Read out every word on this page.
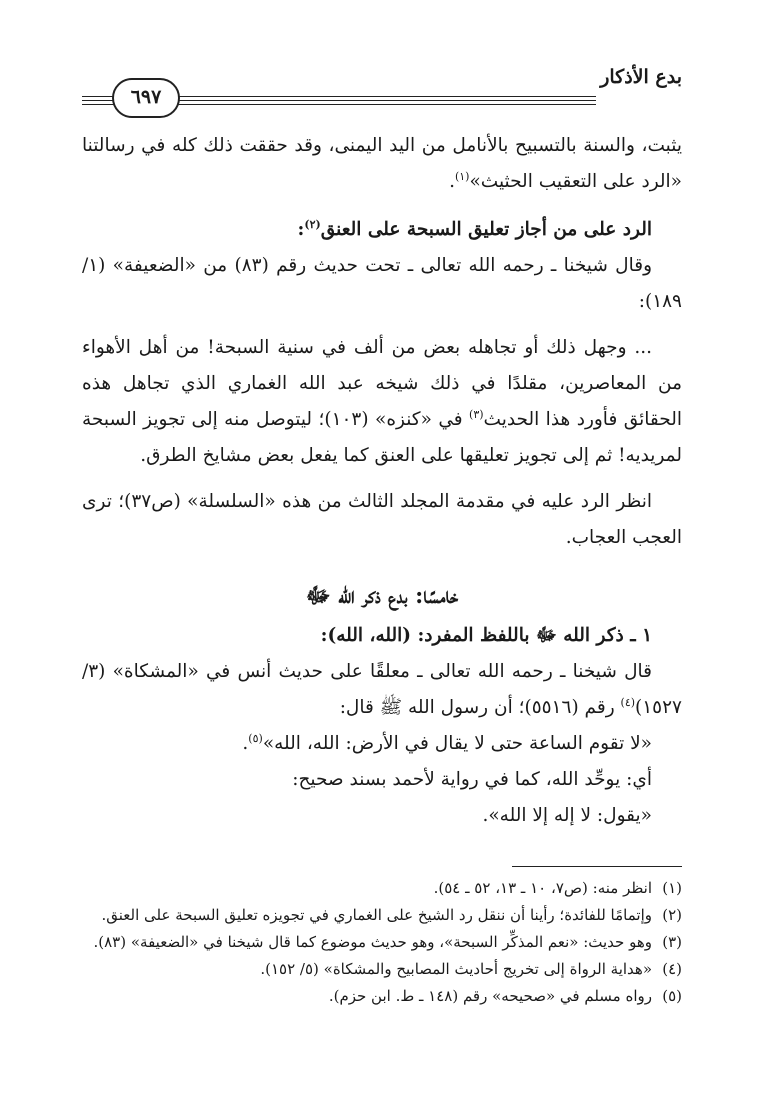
بدع الأذكار
٦٩٧

يثبت، والسنة بالتسبيح بالأنامل من اليد اليمنى، وقد حققت ذلك كله في رسالتنا «الرد على التعقيب الحثيث»$^{(١)}$.

الرد على من أجاز تعليق السبحة على العنق$^{(٢)}$:

وقال شيخنا ـ رحمه الله تعالى ـ تحت حديث رقم (٨٣) من «الضعيفة» (١/ ١٨٩):

... وجهل ذلك أو تجاهله بعض من ألف في سنية السبحة! من أهل الأهواء من المعاصرين، مقلدًا في ذلك شيخه عبد الله الغماري الذي تجاهل هذه الحقائق فأورد هذا الحديث$^{(٣)}$ في «كنزه» (١٠٣)؛ ليتوصل منه إلى تجويز السبحة لمريديه! ثم إلى تجويز تعليقها على العنق كما يفعل بعض مشايخ الطرق.

انظر الرد عليه في مقدمة المجلد الثالث من هذه «السلسلة» (ص٣٧)؛ ترى العجب العجاب.

خامسًا: بدع ذكر الله ﷻ

١ ـ ذكر الله ﷻ باللفظ المفرد: (الله، الله):

قال شيخنا ـ رحمه الله تعالى ـ معلقًا على حديث أنس في «المشكاة» (٣/ ١٥٢٧)$^{(٤)}$ رقم (٥٥١٦)؛ أن رسول الله ﷺ قال:

«لا تقوم الساعة حتى لا يقال في الأرض: الله، الله»$^{(٥)}$.

أي: يوحِّد الله، كما في رواية لأحمد بسند صحيح:

«يقول: لا إله إلا الله».

(١)
انظر منه: (ص٧، ١٠ ـ ١٣، ٥٢ ـ ٥٤).
(٢)
وإتمامًا للفائدة؛ رأينا أن ننقل رد الشيخ على الغماري في تجويزه تعليق السبحة على العنق.
(٣)
وهو حديث: «نعم المذكِّر السبحة»، وهو حديث موضوع كما قال شيخنا في «الضعيفة» (٨٣).
(٤)
«هداية الرواة إلى تخريج أحاديث المصابيح والمشكاة» (٥/ ١٥٢).
(٥)
رواه مسلم في «صحيحه» رقم (١٤٨ ـ ط. ابن حزم).
